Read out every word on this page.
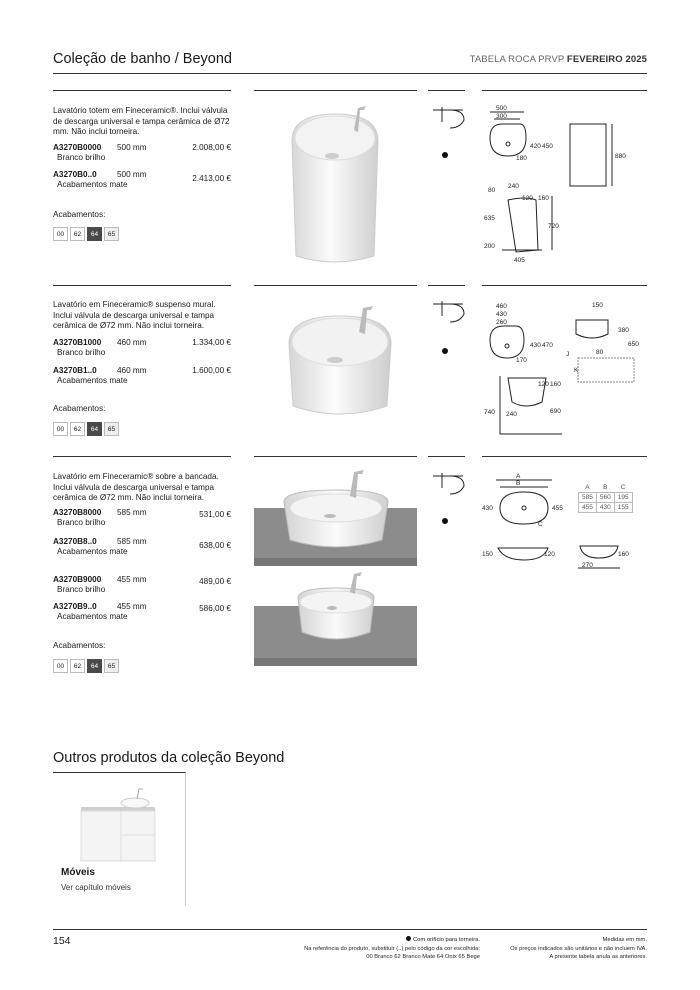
Coleção de banho / Beyond	TABELA ROCA PRVP FEVEREIRO 2025
Lavatório totem em Fineceramic®. Inclui válvula de descarga universal e tampa cerâmica de Ø72 mm. Não inclui torneira.
A3270B0000 500 mm	2.008,00 €
Branco brilho
A3270B0..0 500 mm	2.413,00 €
Acabamentos mate
Acabamentos:
00 62 64 65
500
300
420 450
180	880
240
80
120 160
635
720
200
405
Lavatório em Fineceramic® suspenso mural. Inclui válvula de descarga universal e tampa cerâmica de Ø72 mm. Não inclui torneira.
A3270B1000 460 mm	1.334,00 €
Branco brilho
A3270B1..0 460 mm	1.600,00 €
Acabamentos mate
Acabamentos:
00 62 64 65
460
430
260
430 470
170
150
380
80
650
J
K
120 160
740 240	690
Lavatório em Fineceramic® sobre a bancada. Inclui válvula de descarga universal e tampa cerâmica de Ø72 mm. Não inclui torneira.
A3270B8000 585 mm	531,00 €
Branco brilho
A3270B8..0 585 mm	638,00 €
Acabamentos mate
A3270B9000 455 mm	489,00 €
Branco brilho
A3270B9..0 455 mm	586,00 €
Acabamentos mate
Acabamentos:
00 62 64 65
A
B
430	455
C
150	120
A	B	C
585	560	195
455	430	155
160
270
Outros produtos da coleção Beyond
Móveis
Ver capítulo móveis
154	Com orifício para torneira.
Na referência do produto, substituir (..) pelo código da cor escolhida:
00 Branco 62 Branco Mate 64 Onix 65 Bege
Medidas em mm.
Os preços indicados são unitários e não incluem IVA.
A presente tabela anula as anteriores.
